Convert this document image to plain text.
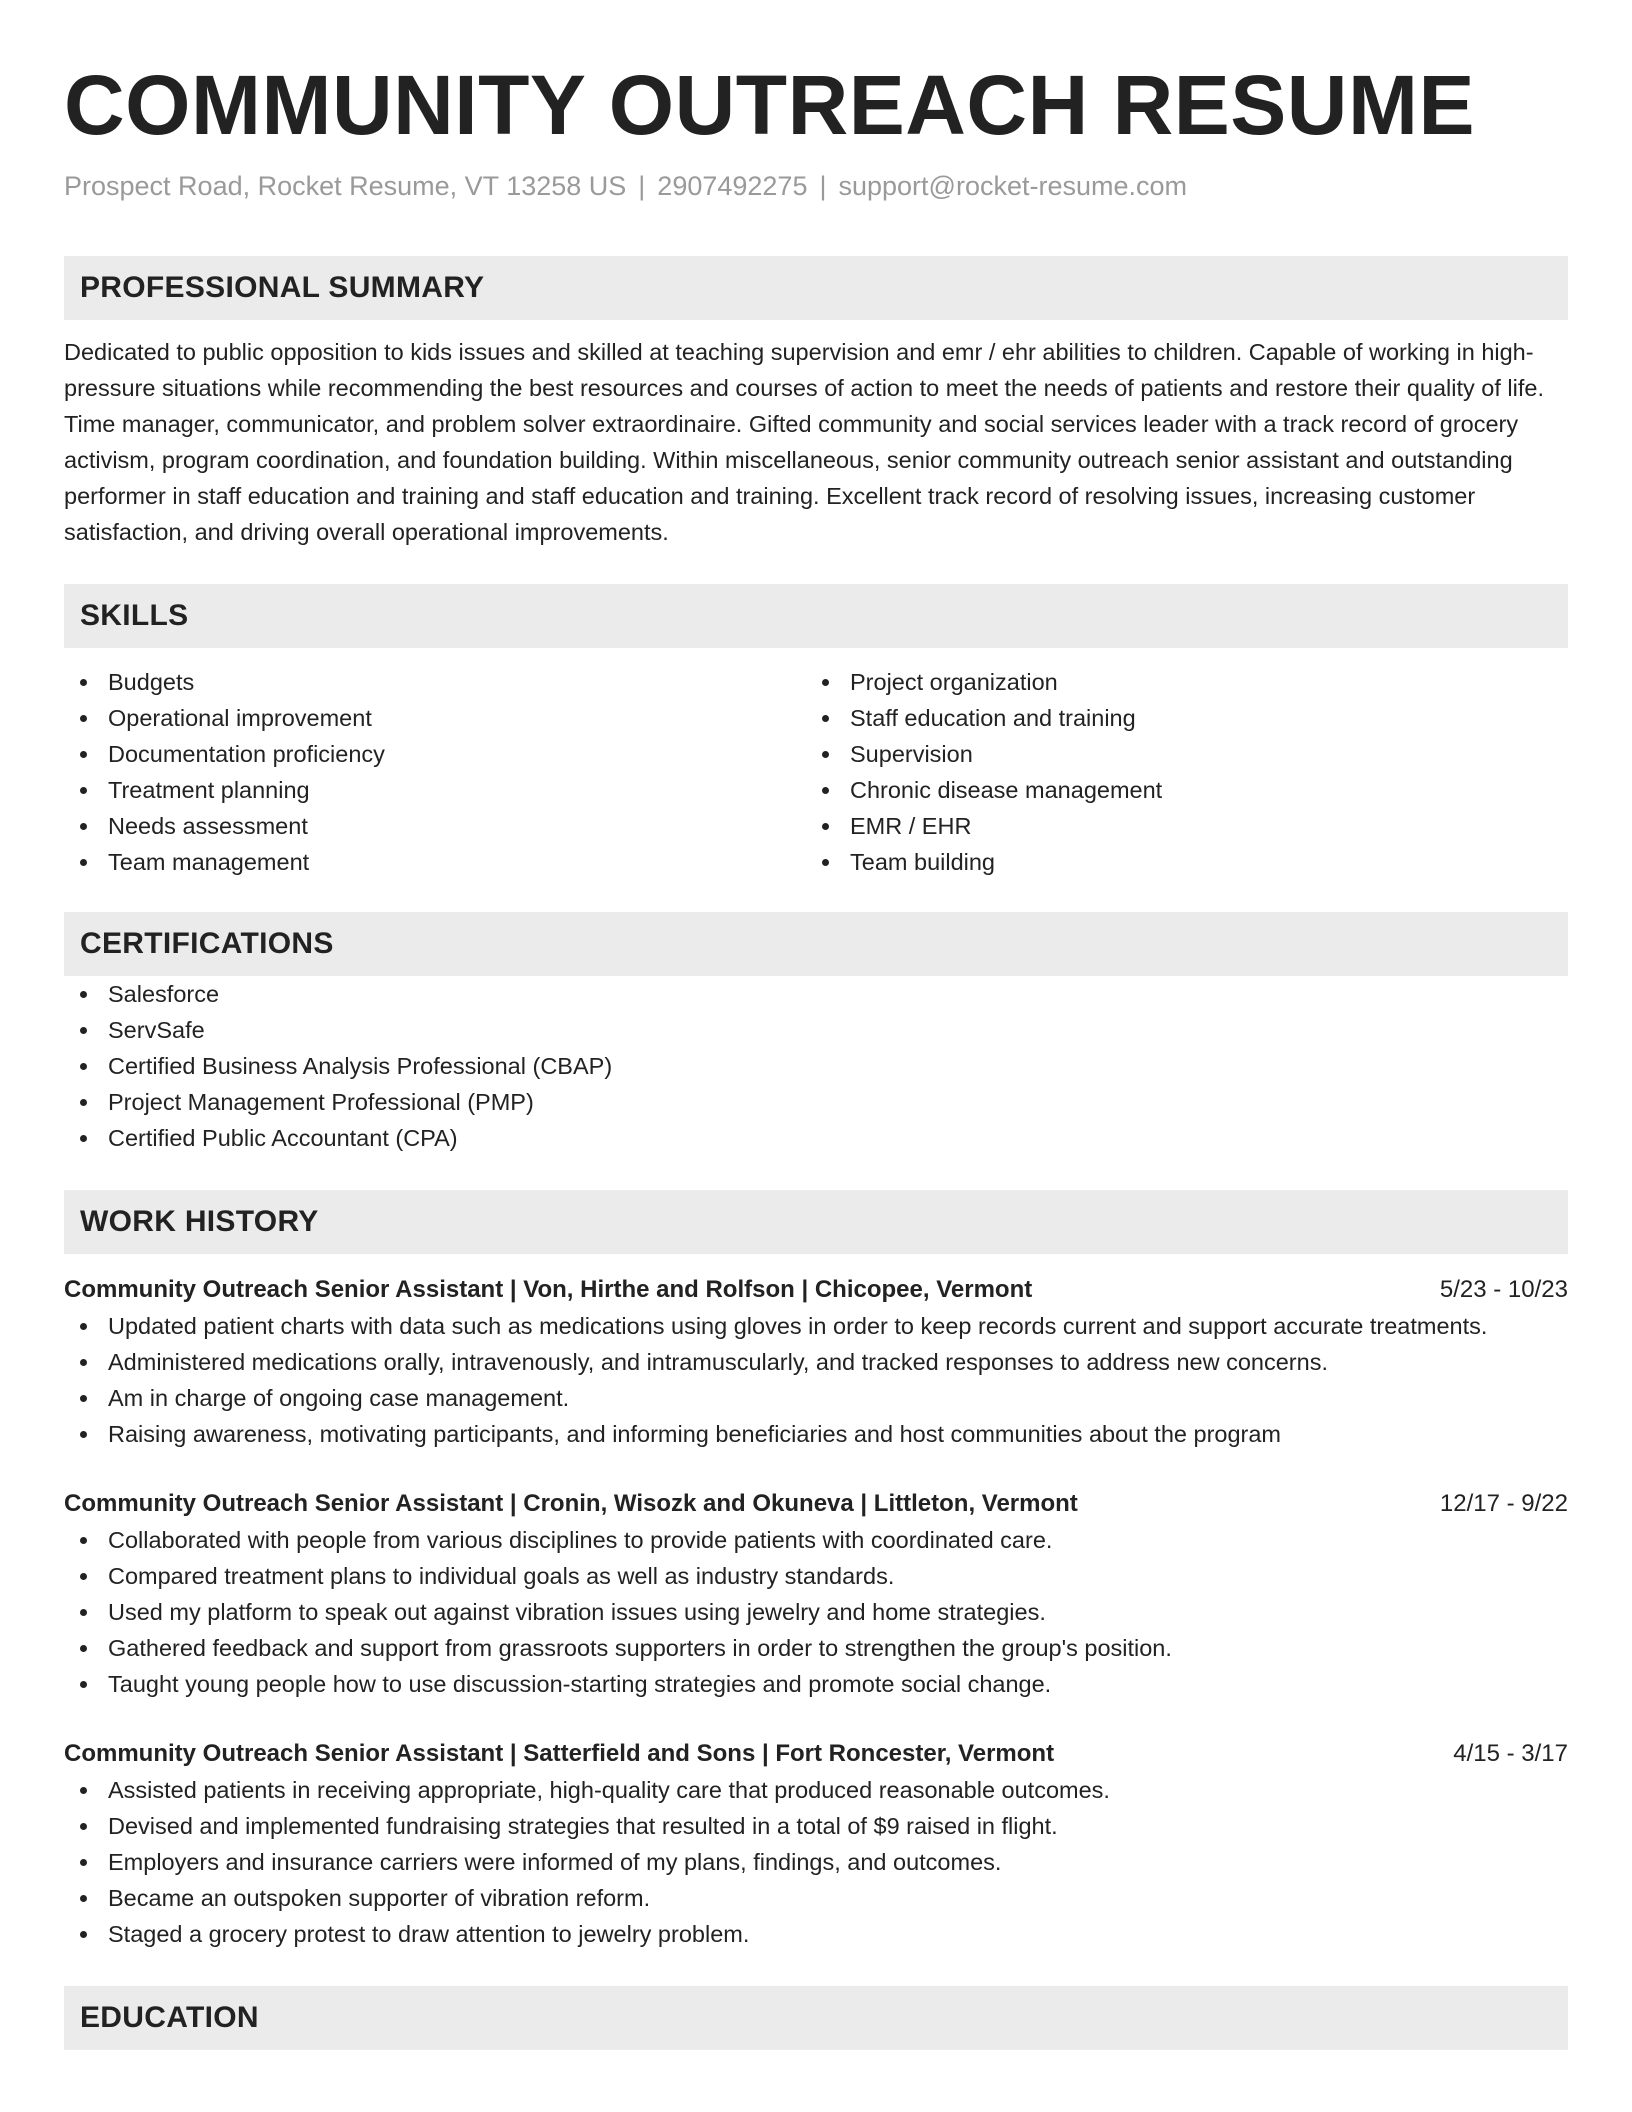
COMMUNITY OUTREACH RESUME
Prospect Road, Rocket Resume, VT 13258 US | 2907492275 | support@rocket-resume.com
PROFESSIONAL SUMMARY
Dedicated to public opposition to kids issues and skilled at teaching supervision and emr / ehr abilities to children. Capable of working in high-pressure situations while recommending the best resources and courses of action to meet the needs of patients and restore their quality of life. Time manager, communicator, and problem solver extraordinaire. Gifted community and social services leader with a track record of grocery activism, program coordination, and foundation building. Within miscellaneous, senior community outreach senior assistant and outstanding performer in staff education and training and staff education and training. Excellent track record of resolving issues, increasing customer satisfaction, and driving overall operational improvements.
SKILLS
Budgets
Operational improvement
Documentation proficiency
Treatment planning
Needs assessment
Team management
Project organization
Staff education and training
Supervision
Chronic disease management
EMR / EHR
Team building
CERTIFICATIONS
Salesforce
ServSafe
Certified Business Analysis Professional (CBAP)
Project Management Professional (PMP)
Certified Public Accountant (CPA)
WORK HISTORY
Community Outreach Senior Assistant | Von, Hirthe and Rolfson | Chicopee, Vermont	5/23 - 10/23
Updated patient charts with data such as medications using gloves in order to keep records current and support accurate treatments.
Administered medications orally, intravenously, and intramuscularly, and tracked responses to address new concerns.
Am in charge of ongoing case management.
Raising awareness, motivating participants, and informing beneficiaries and host communities about the program
Community Outreach Senior Assistant | Cronin, Wisozk and Okuneva | Littleton, Vermont	12/17 - 9/22
Collaborated with people from various disciplines to provide patients with coordinated care.
Compared treatment plans to individual goals as well as industry standards.
Used my platform to speak out against vibration issues using jewelry and home strategies.
Gathered feedback and support from grassroots supporters in order to strengthen the group's position.
Taught young people how to use discussion-starting strategies and promote social change.
Community Outreach Senior Assistant | Satterfield and Sons | Fort Roncester, Vermont	4/15 - 3/17
Assisted patients in receiving appropriate, high-quality care that produced reasonable outcomes.
Devised and implemented fundraising strategies that resulted in a total of $9 raised in flight.
Employers and insurance carriers were informed of my plans, findings, and outcomes.
Became an outspoken supporter of vibration reform.
Staged a grocery protest to draw attention to jewelry problem.
EDUCATION
